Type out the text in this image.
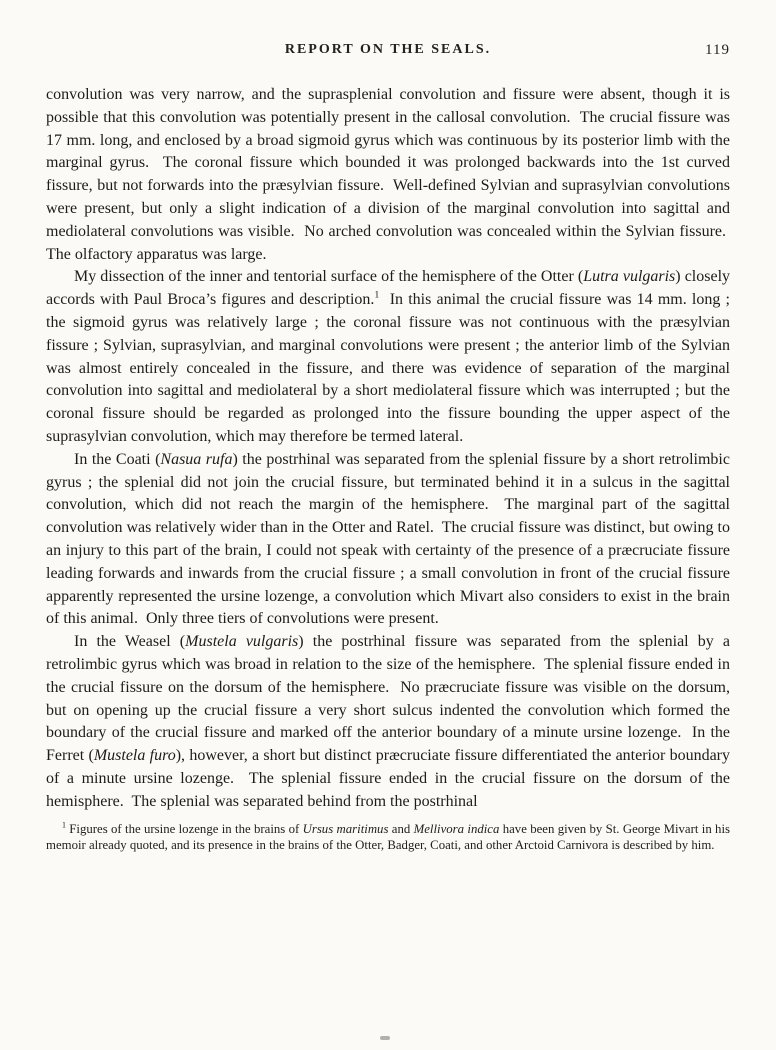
REPORT ON THE SEALS.	119

convolution was very narrow, and the suprasplenial convolution and fissure were absent, though it is possible that this convolution was potentially present in the callosal convolution.  The crucial fissure was 17 mm. long, and enclosed by a broad sigmoid gyrus which was continuous by its posterior limb with the marginal gyrus.  The coronal fissure which bounded it was prolonged backwards into the 1st curved fissure, but not forwards into the præsylvian fissure.  Well-defined Sylvian and suprasylvian convolutions were present, but only a slight indication of a division of the marginal convolution into sagittal and mediolateral convolutions was visible.  No arched convolution was concealed within the Sylvian fissure.  The olfactory apparatus was large.

My dissection of the inner and tentorial surface of the hemisphere of the Otter (Lutra vulgaris) closely accords with Paul Broca’s figures and description.$^1$  In this animal the crucial fissure was 14 mm. long ; the sigmoid gyrus was relatively large ; the coronal fissure was not continuous with the præsylvian fissure ; Sylvian, suprasylvian, and marginal convolutions were present ; the anterior limb of the Sylvian was almost entirely concealed in the fissure, and there was evidence of separation of the marginal convolution into sagittal and mediolateral by a short mediolateral fissure which was interrupted ; but the coronal fissure should be regarded as prolonged into the fissure bounding the upper aspect of the suprasylvian convolution, which may therefore be termed lateral.

In the Coati (Nasua rufa) the postrhinal was separated from the splenial fissure by a short retrolimbic gyrus ; the splenial did not join the crucial fissure, but terminated behind it in a sulcus in the sagittal convolution, which did not reach the margin of the hemisphere.  The marginal part of the sagittal convolution was relatively wider than in the Otter and Ratel.  The crucial fissure was distinct, but owing to an injury to this part of the brain, I could not speak with certainty of the presence of a præcruciate fissure leading forwards and inwards from the crucial fissure ; a small convolution in front of the crucial fissure apparently represented the ursine lozenge, a convolution which Mivart also considers to exist in the brain of this animal.  Only three tiers of convolutions were present.

In the Weasel (Mustela vulgaris) the postrhinal fissure was separated from the splenial by a retrolimbic gyrus which was broad in relation to the size of the hemisphere.  The splenial fissure ended in the crucial fissure on the dorsum of the hemisphere.  No præcruciate fissure was visible on the dorsum, but on opening up the crucial fissure a very short sulcus indented the convolution which formed the boundary of the crucial fissure and marked off the anterior boundary of a minute ursine lozenge.  In the Ferret (Mustela furo), however, a short but distinct præcruciate fissure differentiated the anterior boundary of a minute ursine lozenge.  The splenial fissure ended in the crucial fissure on the dorsum of the hemisphere.  The splenial was separated behind from the postrhinal

$^1$ Figures of the ursine lozenge in the brains of Ursus maritimus and Mellivora indica have been given by St. George Mivart in his memoir already quoted, and its presence in the brains of the Otter, Badger, Coati, and other Arctoid Carnivora is described by him.
